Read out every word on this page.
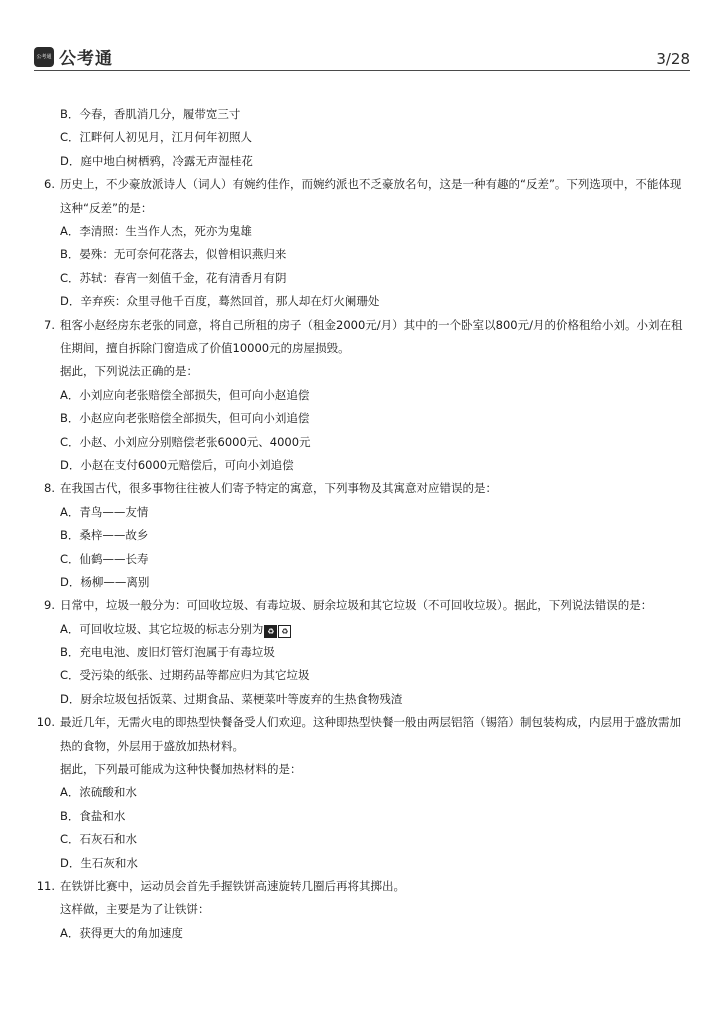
公考通 公考通	3/28
B．今春，香肌消几分，履带宽三寸
C．江畔何人初见月，江月何年初照人
D．庭中地白树栖鸦，冷露无声湿桂花
6. 历史上，不少豪放派诗人（词人）有婉约佳作，而婉约派也不乏豪放名句，这是一种有趣的“反差”。下列选项中，不能体现这种“反差”的是：
A．李清照：生当作人杰，死亦为鬼雄
B．晏殊：无可奈何花落去，似曾相识燕归来
C．苏轼：春宵一刻值千金，花有清香月有阴
D．辛弃疾：众里寻他千百度，蓦然回首，那人却在灯火阑珊处
7. 租客小赵经房东老张的同意，将自己所租的房子（租金2000元/月）其中的一个卧室以800元/月的价格租给小刘。小刘在租住期间，擅自拆除门窗造成了价值10000元的房屋损毁。
据此，下列说法正确的是：
A．小刘应向老张赔偿全部损失，但可向小赵追偿
B．小赵应向老张赔偿全部损失，但可向小刘追偿
C．小赵、小刘应分别赔偿老张6000元、4000元
D．小赵在支付6000元赔偿后，可向小刘追偿
8. 在我国古代，很多事物往往被人们寄予特定的寓意，下列事物及其寓意对应错误的是：
A．青鸟——友情
B．桑梓——故乡
C．仙鹤——长寿
D．杨柳——离别
9. 日常中，垃圾一般分为：可回收垃圾、有毒垃圾、厨余垃圾和其它垃圾（不可回收垃圾）。据此，下列说法错误的是：
A．可回收垃圾、其它垃圾的标志分别为 ♻ ♻
B．充电电池、废旧灯管灯泡属于有毒垃圾
C．受污染的纸张、过期药品等都应归为其它垃圾
D．厨余垃圾包括饭菜、过期食品、菜梗菜叶等废弃的生热食物残渣
10. 最近几年，无需火电的即热型快餐备受人们欢迎。这种即热型快餐一般由两层铝箔（锡箔）制包装构成，内层用于盛放需加热的食物，外层用于盛放加热材料。
据此，下列最可能成为这种快餐加热材料的是：
A．浓硫酸和水
B．食盐和水
C．石灰石和水
D．生石灰和水
11. 在铁饼比赛中，运动员会首先手握铁饼高速旋转几圈后再将其掷出。
这样做，主要是为了让铁饼：
A．获得更大的角加速度
